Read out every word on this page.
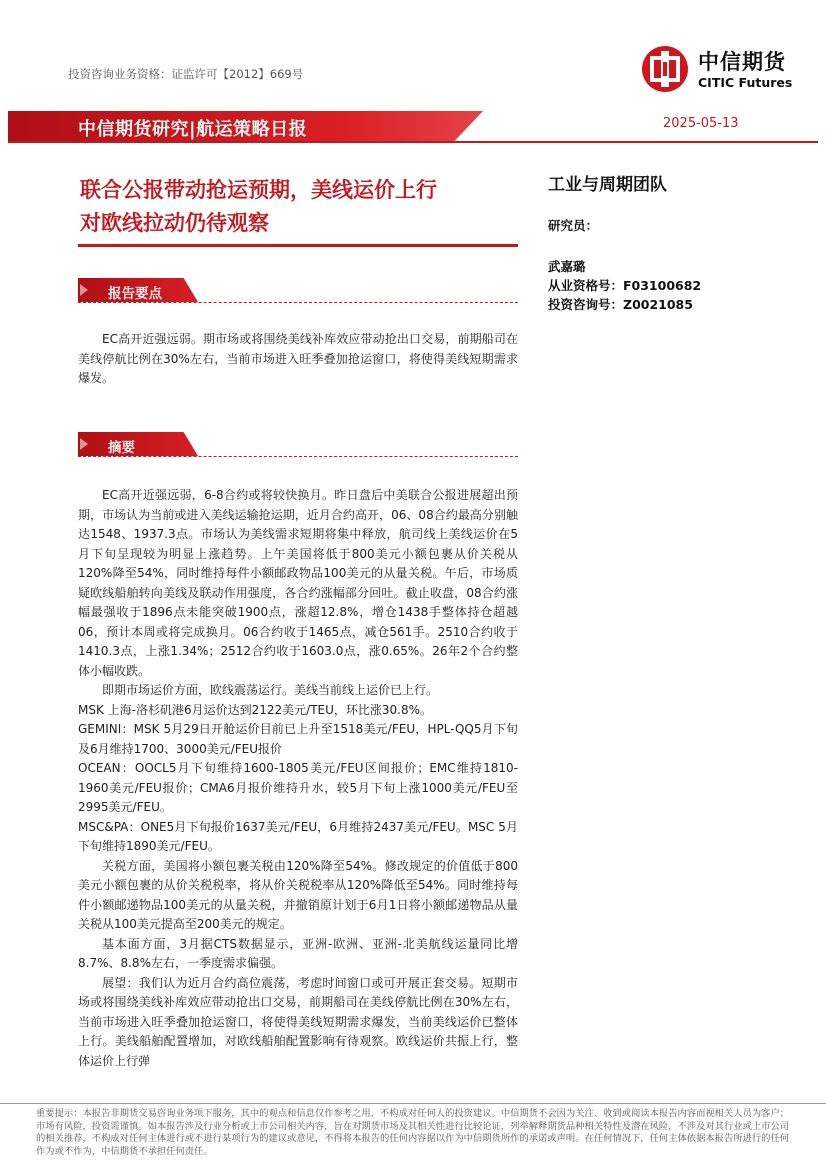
投资咨询业务资格：证监许可【2012】669号	中信期货
CITIC Futures
中信期货研究|航运策略日报	2025-05-13
联合公报带动抢运预期，美线运价上行
对欧线拉动仍待观察
报告要点

EC高开近强远弱。期市场或将围绕美线补库效应带动抢出口交易，前期船司在美线停航比例在30%左右，当前市场进入旺季叠加抢运窗口，将使得美线短期需求爆发。

摘要

EC高开近强远弱，6-8合约或将较快换月。昨日盘后中美联合公报进展超出预期，市场认为当前或进入美线运输抢运期，近月合约高开，06、08合约最高分别触达1548、1937.3点。市场认为美线需求短期将集中释放，航司线上美线运价在5月下旬呈现较为明显上涨趋势。上午美国将低于800美元小额包裹从价关税从120%降至54%，同时维持每件小额邮政物品100美元的从量关税。午后，市场质疑欧线船舶转向美线及联动作用强度，各合约涨幅部分回吐。截止收盘，08合约涨幅最强收于1896点未能突破1900点，涨超12.8%，增仓1438手整体持仓超越06，预计本周或将完成换月。06合约收于1465点，减仓561手。2510合约收于1410.3点，上涨1.34%；2512合约收于1603.0点，涨0.65%。26年2个合约整体小幅收跌。

即期市场运价方面，欧线震荡运行。美线当前线上运价已上行。

MSK 上海-洛杉矶港6月运价达到2122美元/TEU，环比涨30.8%。

GEMINI：MSK 5月29日开舱运价目前已上升至1518美元/FEU，HPL-QQ5月下旬及6月维持1700、3000美元/FEU报价

OCEAN：OOCL5月下旬维持1600-1805美元/FEU区间报价；EMC维持1810-1960美元/FEU报价；CMA6月报价维持升水，较5月下旬上涨1000美元/FEU至2995美元/FEU。

MSC&PA：ONE5月下旬报价1637美元/FEU，6月维持2437美元/FEU。MSC 5月下旬维持1890美元/FEU。

关税方面，美国将小额包裹关税由120%降至54%。修改规定的价值低于800美元小额包裹的从价关税税率，将从价关税税率从120%降低至54%。同时维持每件小额邮递物品100美元的从量关税，并撤销原计划于6月1日将小额邮递物品从量关税从100美元提高至200美元的规定。

基本面方面，3月据CTS数据显示，亚洲-欧洲、亚洲-北美航线运量同比增8.7%、8.8%左右，一季度需求偏强。

展望：我们认为近月合约高位震荡，考虑时间窗口或可开展正套交易。短期市场或将围绕美线补库效应带动抢出口交易，前期船司在美线停航比例在30%左右，当前市场进入旺季叠加抢运窗口，将使得美线短期需求爆发，当前美线运价已整体上行。美线船舶配置增加，对欧线船舶配置影响有待观察。欧线运价共振上行，整体运价上行弹

工业与周期团队
研究员：
武嘉璐
从业资格号：F03100682
投资咨询号：Z0021085
重要提示：本报告非期货交易咨询业务项下服务，其中的观点和信息仅作参考之用，不构成对任何人的投资建议。中信期货不会因为关注、收到或阅读本报告内容而视相关人员为客户；市场有风险，投资需谨慎。如本报告涉及行业分析或上市公司相关内容，旨在对期货市场及其相关性进行比较论证，列举解释期货品种相关特性及潜在风险，不涉及对其行业或上市公司的相关推荐，不构成对任何主体进行或不进行某项行为的建议或意见，不得将本报告的任何内容据以作为中信期货所作的承诺或声明。在任何情况下，任何主体依据本报告所进行的任何作为或不作为，中信期货不承担任何责任。
